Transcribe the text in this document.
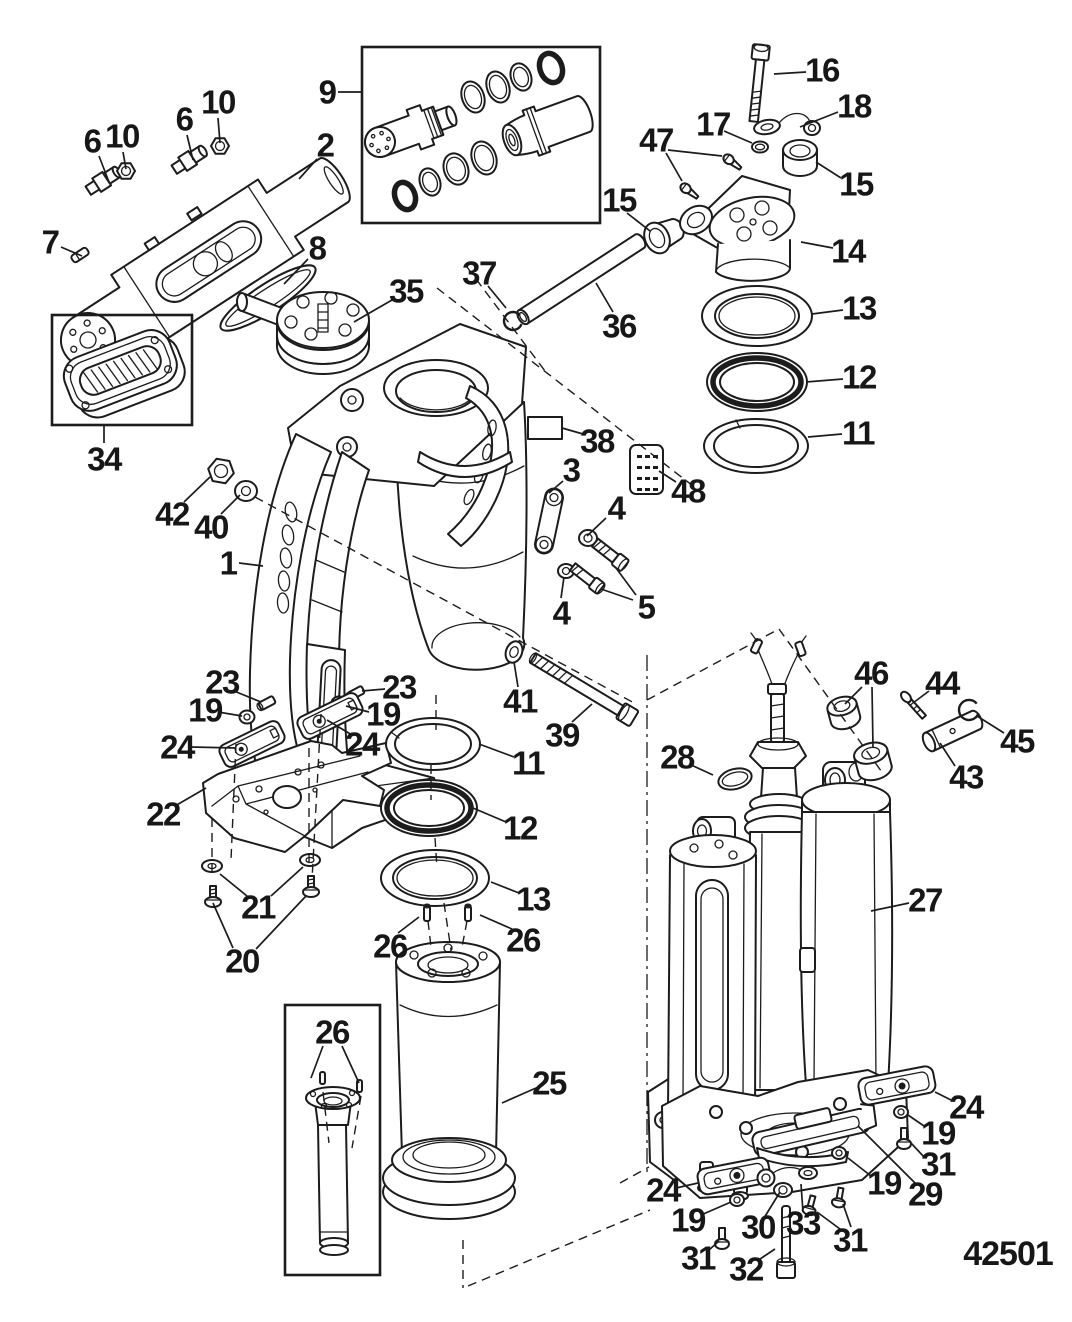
6 10 6 10
2
9
7	8
35 37
34
42 40
1
16
18
17
47
15
15
14
36	13
12
11
38
3
48
4
4 5
23
19
23
19
24	24
22
41
39
11
12
13
26	26
21
20
25
26
28
46 44
45
43
27
24
19
31
29
19
24
19 30 33
31 32
31	42501
